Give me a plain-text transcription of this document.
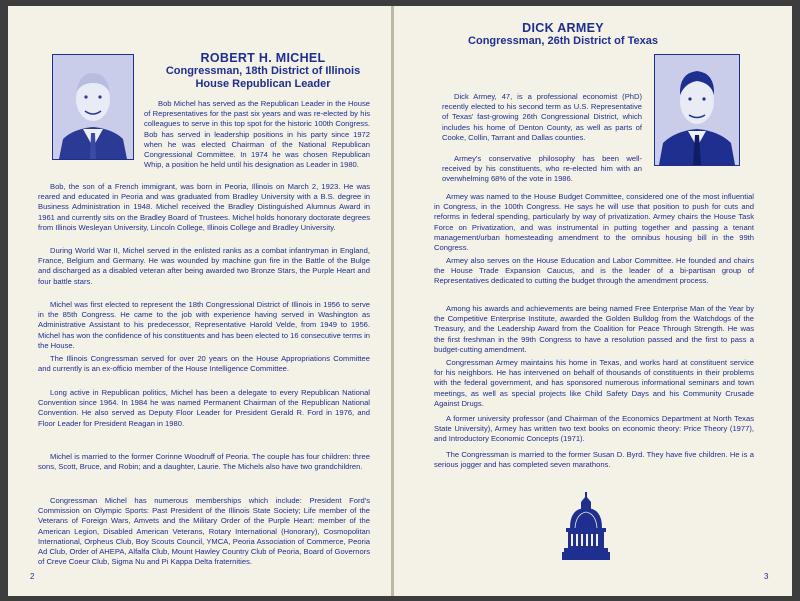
ROBERT H. MICHEL
Congressman, 18th District of Illinois
House Republican Leader

Bob Michel has served as the Republican Leader in the House of Representatives for the past six years and was re-elected by his colleagues to serve in this top spot for the historic 100th Congress. Bob has served in leadership positions in his party since 1972 when he was elected Chairman of the National Republican Congressional Committee. In 1974 he was chosen Republican Whip, a position he held until his designation as Leader in 1980.

Bob, the son of a French immigrant, was born in Peoria, Illinois on March 2, 1923. He was reared and educated in Peoria and was graduated from Bradley University with a B.S. degree in Business Administration in 1948. Michel received the Bradley Distinguished Alumnus Award in 1961 and currently sits on the Bradley Board of Trustees. Michel holds honorary doctorate degrees from Illinois Wesleyan University, Lincoln College, Illinois College and Bradley University.

During World War II, Michel served in the enlisted ranks as a combat infantryman in England, France, Belgium and Germany. He was wounded by machine gun fire in the Battle of the Bulge and discharged as a disabled veteran after being awarded two Bronze Stars, the Purple Heart and four battle stars.

Michel was first elected to represent the 18th Congressional District of Illinois in 1956 to serve in the 85th Congress. He came to the job with experience having served in Washington as Administrative Assistant to his predecessor, Representative Harold Velde, from 1949 to 1956. Michel has won the confidence of his constituents and has been elected to 16 consecutive terms in the House.

The Illinois Congressman served for over 20 years on the House Appropriations Committee and currently is an ex-officio member of the House Intelligence Committee.

Long active in Republican politics, Michel has been a delegate to every Republican National Convention since 1964. In 1984 he was named Permanent Chairman of the Republican National Convention. He also served as Deputy Floor Leader for President Gerald R. Ford in 1976, and Floor Leader for President Reagan in 1980.

Michel is married to the former Corinne Woodruff of Peoria. The couple has four children: three sons, Scott, Bruce, and Robin; and a daughter, Laurie. The Michels also have two grandchildren.

Congressman Michel has numerous memberships which include: President Ford's Commission on Olympic Sports: Past President of the Illinois State Society; Life member of the Veterans of Foreign Wars, Amvets and the Military Order of the Purple Heart: member of the American Legion, Disabled American Veterans, Rotary International (Honorary), Cosmopolitan International, Orpheus Club, Boy Scouts Council, YMCA, Peoria Association of Commerce, Peoria Ad Club, Order of AHEPA, Alfalfa Club, Mount Hawley Country Club of Peoria, Board of Governors of Creve Coeur Club, Sigma Nu and Pi Kappa Delta fraternities.

2
DICK ARMEY
Congressman, 26th District of Texas

Dick Armey, 47, is a professional economist (PhD) recently elected to his second term as U.S. Representative of Texas' fast-growing 26th Congressional District, which includes his home of Denton County, as well as parts of Cooke, Collin, Tarrant and Dallas counties.

Armey's conservative philosophy has been well-received by his constituents, who re-elected him with an overwhelming 68% of the vote in 1986.

Armey was named to the House Budget Committee, considered one of the most influential in Congress, in the 100th Congress. He says he will use that position to push for cuts and reforms in federal spending, particularly by way of privatization. Armey chairs the House Task Force on Privatization, and was instrumental in putting together and passing a tenant management/urban homesteading amendment to the omnibus housing bill in the 99th Congress.

Armey also serves on the House Education and Labor Committee. He founded and chairs the House Trade Expansion Caucus, and is the leader of a bi-partisan group of Representatives dedicated to cutting the budget through the amendment process.

Among his awards and achievements are being named Free Enterprise Man of the Year by the Competitive Enterprise Institute, awarded the Golden Bulldog from the Watchdogs of the Treasury, and the Leadership Award from the Coalition for Peace Through Strength. He was the first freshman in the 99th Congress to have a resolution passed and the first to pass a budget-cutting amendment.

Congressman Armey maintains his home in Texas, and works hard at constituent service for his neighbors. He has intervened on behalf of thousands of constituents in their problems with the federal government, and has sponsored numerous informational seminars and town meetings, as well as special projects like Child Safety Days and his Community Crusade Against Drugs.

A former university professor (and Chairman of the Economics Department at North Texas State University), Armey has written two text books on economic theory: Price Theory (1977), and Introductory Economic Concepts (1971).

The Congressman is married to the former Susan D. Byrd. They have five children. He is a serious jogger and has completed seven marathons.

3
